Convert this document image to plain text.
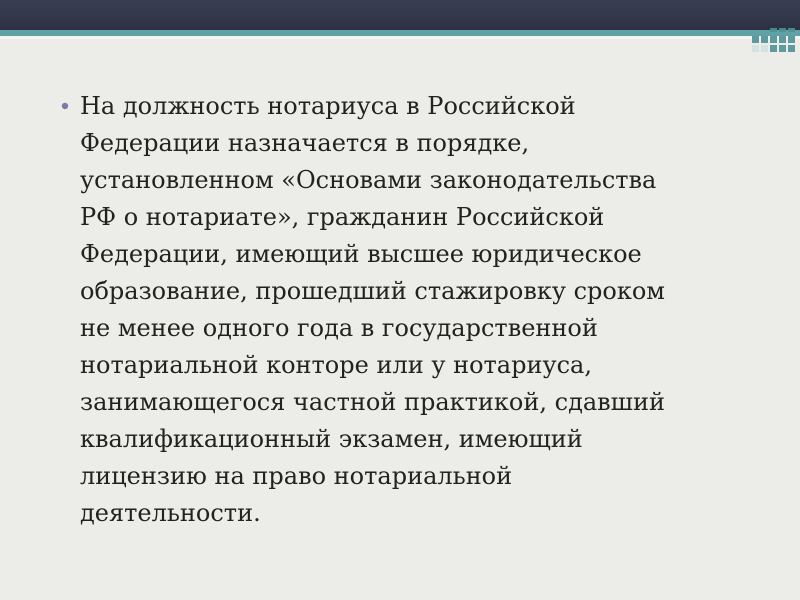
На должность нотариуса в Российской
Федерации назначается в порядке,
установленном «Основами законодательства
РФ о нотариате», гражданин Российской
Федерации, имеющий высшее юридическое
образование, прошедший стажировку сроком
не менее одного года в государственной
нотариальной конторе или у нотариуса,
занимающегося частной практикой, сдавший
квалификационный экзамен, имеющий
лицензию на право нотариальной
деятельности.
